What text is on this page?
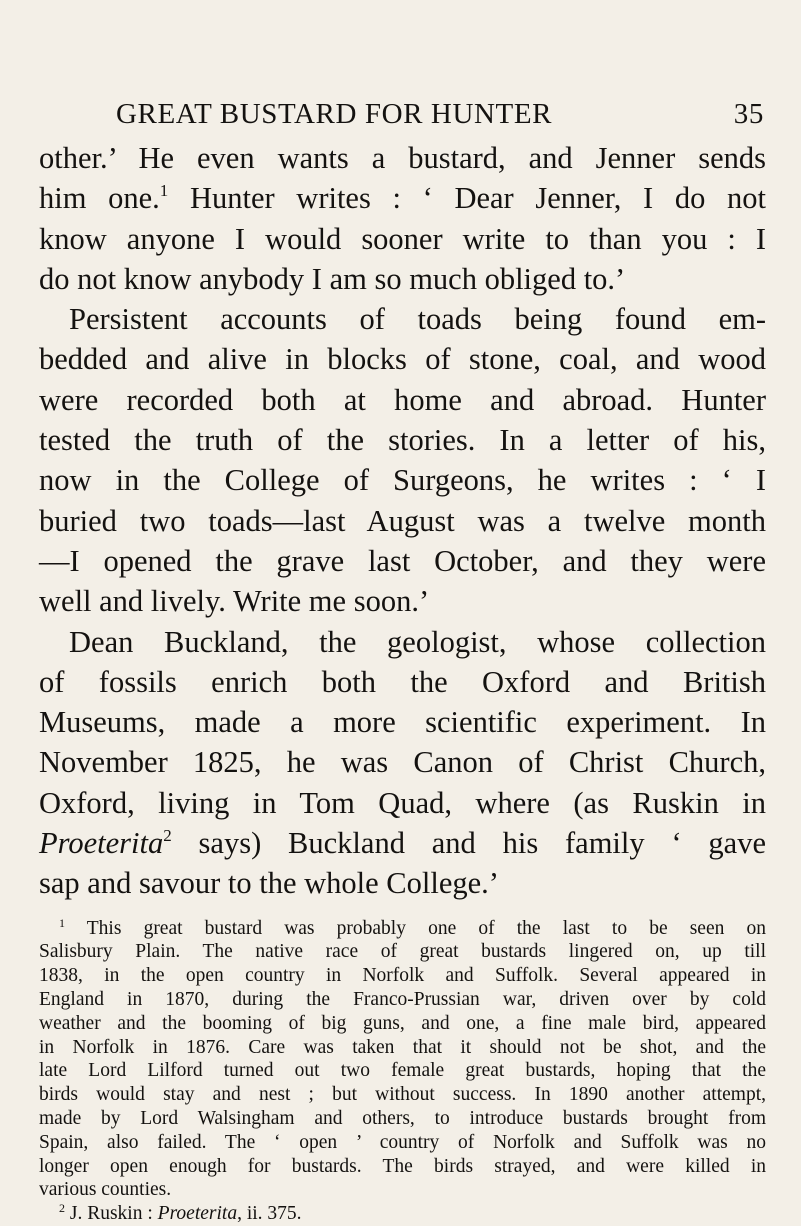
GREAT BUSTARD FOR HUNTER	35
other.’ He even wants a bustard, and Jenner sends
him one.$^1$ Hunter writes : ‘ Dear Jenner, I do not
know anyone I would sooner write to than you : I
do not know anybody I am so much obliged to.’
Persistent accounts of toads being found em-
bedded and alive in blocks of stone, coal, and wood
were recorded both at home and abroad. Hunter
tested the truth of the stories. In a letter of his,
now in the College of Surgeons, he writes : ‘ I
buried two toads—last August was a twelve month
—I opened the grave last October, and they were
well and lively. Write me soon.’
Dean Buckland, the geologist, whose collection
of fossils enrich both the Oxford and British
Museums, made a more scientific experiment. In
November 1825, he was Canon of Christ Church,
Oxford, living in Tom Quad, where (as Ruskin in
Proeterita$^2$ says) Buckland and his family ‘ gave
sap and savour to the whole College.’
$^1$ This great bustard was probably one of the last to be seen on
Salisbury Plain. The native race of great bustards lingered on, up till
1838, in the open country in Norfolk and Suffolk. Several appeared in
England in 1870, during the Franco-Prussian war, driven over by cold
weather and the booming of big guns, and one, a fine male bird, appeared
in Norfolk in 1876. Care was taken that it should not be shot, and the
late Lord Lilford turned out two female great bustards, hoping that the
birds would stay and nest ; but without success. In 1890 another attempt,
made by Lord Walsingham and others, to introduce bustards brought from
Spain, also failed. The ‘ open ’ country of Norfolk and Suffolk was no
longer open enough for bustards. The birds strayed, and were killed in
various counties.
$^2$ J. Ruskin : Proeterita, ii. 375.
